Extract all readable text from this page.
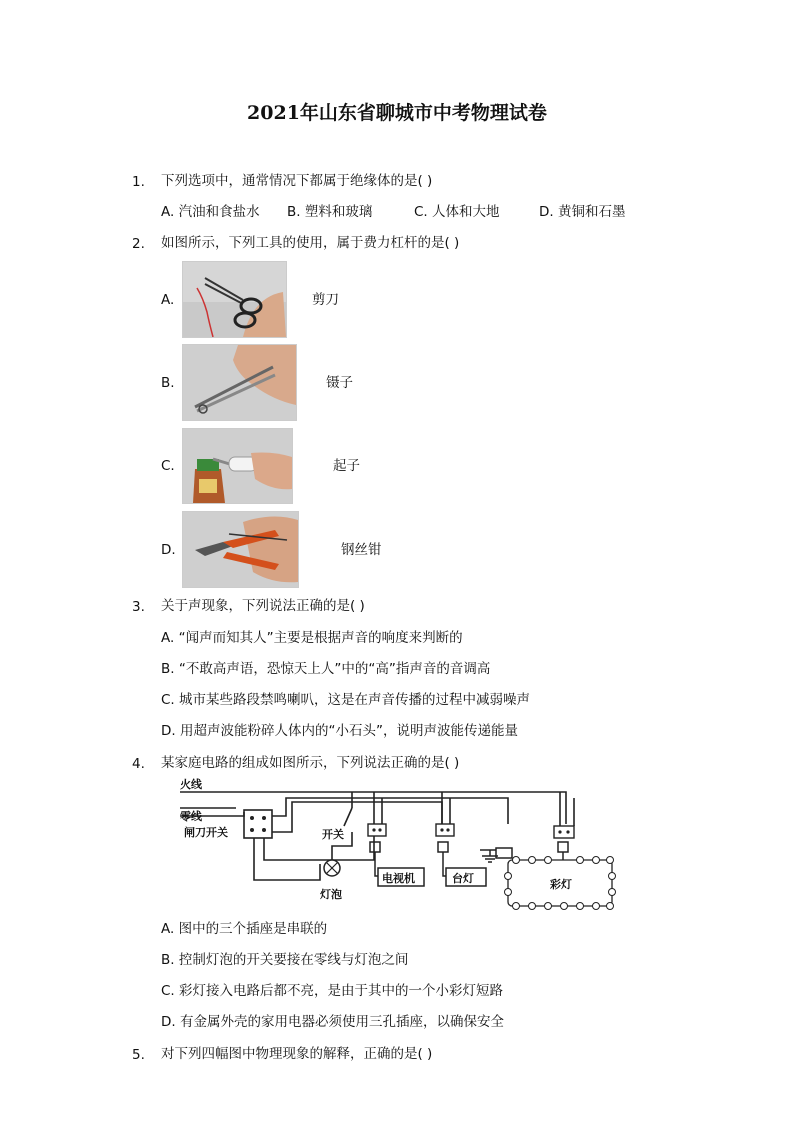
2021年山东省聊城市中考物理试卷
1. 下列选项中，通常情况下都属于绝缘体的是( )
A. 汽油和食盐水 B. 塑料和玻璃	C. 人体和大地	D. 黄铜和石墨
2. 如图所示，下列工具的使用，属于费力杠杆的是( )
A.	剪刀
B.	镊子
C.	起子
D.	钢丝钳
3. 关于声现象，下列说法正确的是( )
A. “闻声而知其人”主要是根据声音的响度来判断的
B. “不敢高声语，恐惊天上人”中的“高”指声音的音调高
C. 城市某些路段禁鸣喇叭，这是在声音传播的过程中减弱噪声
D. 用超声波能粉碎人体内的“小石头”，说明声波能传递能量
4. 某家庭电路的组成如图所示，下列说法正确的是( )
火线
零线
闸刀开关	开关
灯泡
电视机	台灯	彩灯
A. 图中的三个插座是串联的
B. 控制灯泡的开关要接在零线与灯泡之间
C. 彩灯接入电路后都不亮，是由于其中的一个小彩灯短路
D. 有金属外壳的家用电器必须使用三孔插座，以确保安全
5. 对下列四幅图中物理现象的解释，正确的是( )
